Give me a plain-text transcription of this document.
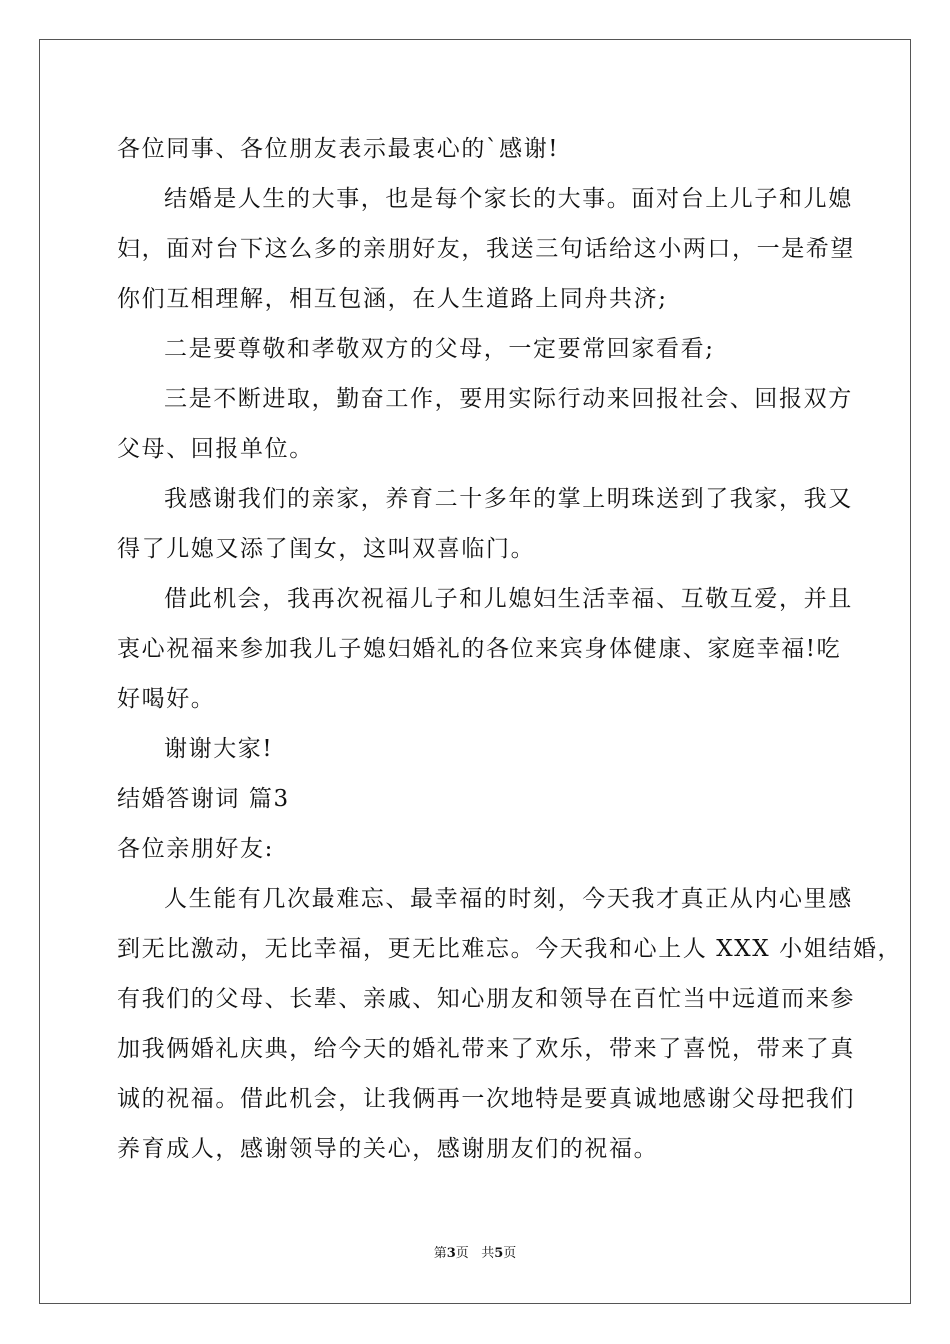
各位同事、各位朋友表示最衷心的`感谢!
结婚是人生的大事，也是每个家长的大事。面对台上儿子和儿媳
妇，面对台下这么多的亲朋好友，我送三句话给这小两口，一是希望
你们互相理解，相互包涵，在人生道路上同舟共济;
二是要尊敬和孝敬双方的父母，一定要常回家看看;
三是不断进取，勤奋工作，要用实际行动来回报社会、回报双方
父母、回报单位。
我感谢我们的亲家，养育二十多年的掌上明珠送到了我家，我又
得了儿媳又添了闺女，这叫双喜临门。
借此机会，我再次祝福儿子和儿媳妇生活幸福、互敬互爱，并且
衷心祝福来参加我儿子媳妇婚礼的各位来宾身体健康、家庭幸福!吃
好喝好。
谢谢大家!
结婚答谢词 篇3
各位亲朋好友:
人生能有几次最难忘、最幸福的时刻，今天我才真正从内心里感
到无比激动，无比幸福，更无比难忘。今天我和心上人 XXX 小姐结婚，
有我们的父母、长辈、亲戚、知心朋友和领导在百忙当中远道而来参
加我俩婚礼庆典，给今天的婚礼带来了欢乐，带来了喜悦，带来了真
诚的祝福。借此机会，让我俩再一次地特是要真诚地感谢父母把我们
养育成人，感谢领导的关心，感谢朋友们的祝福。
第3页 共5页
